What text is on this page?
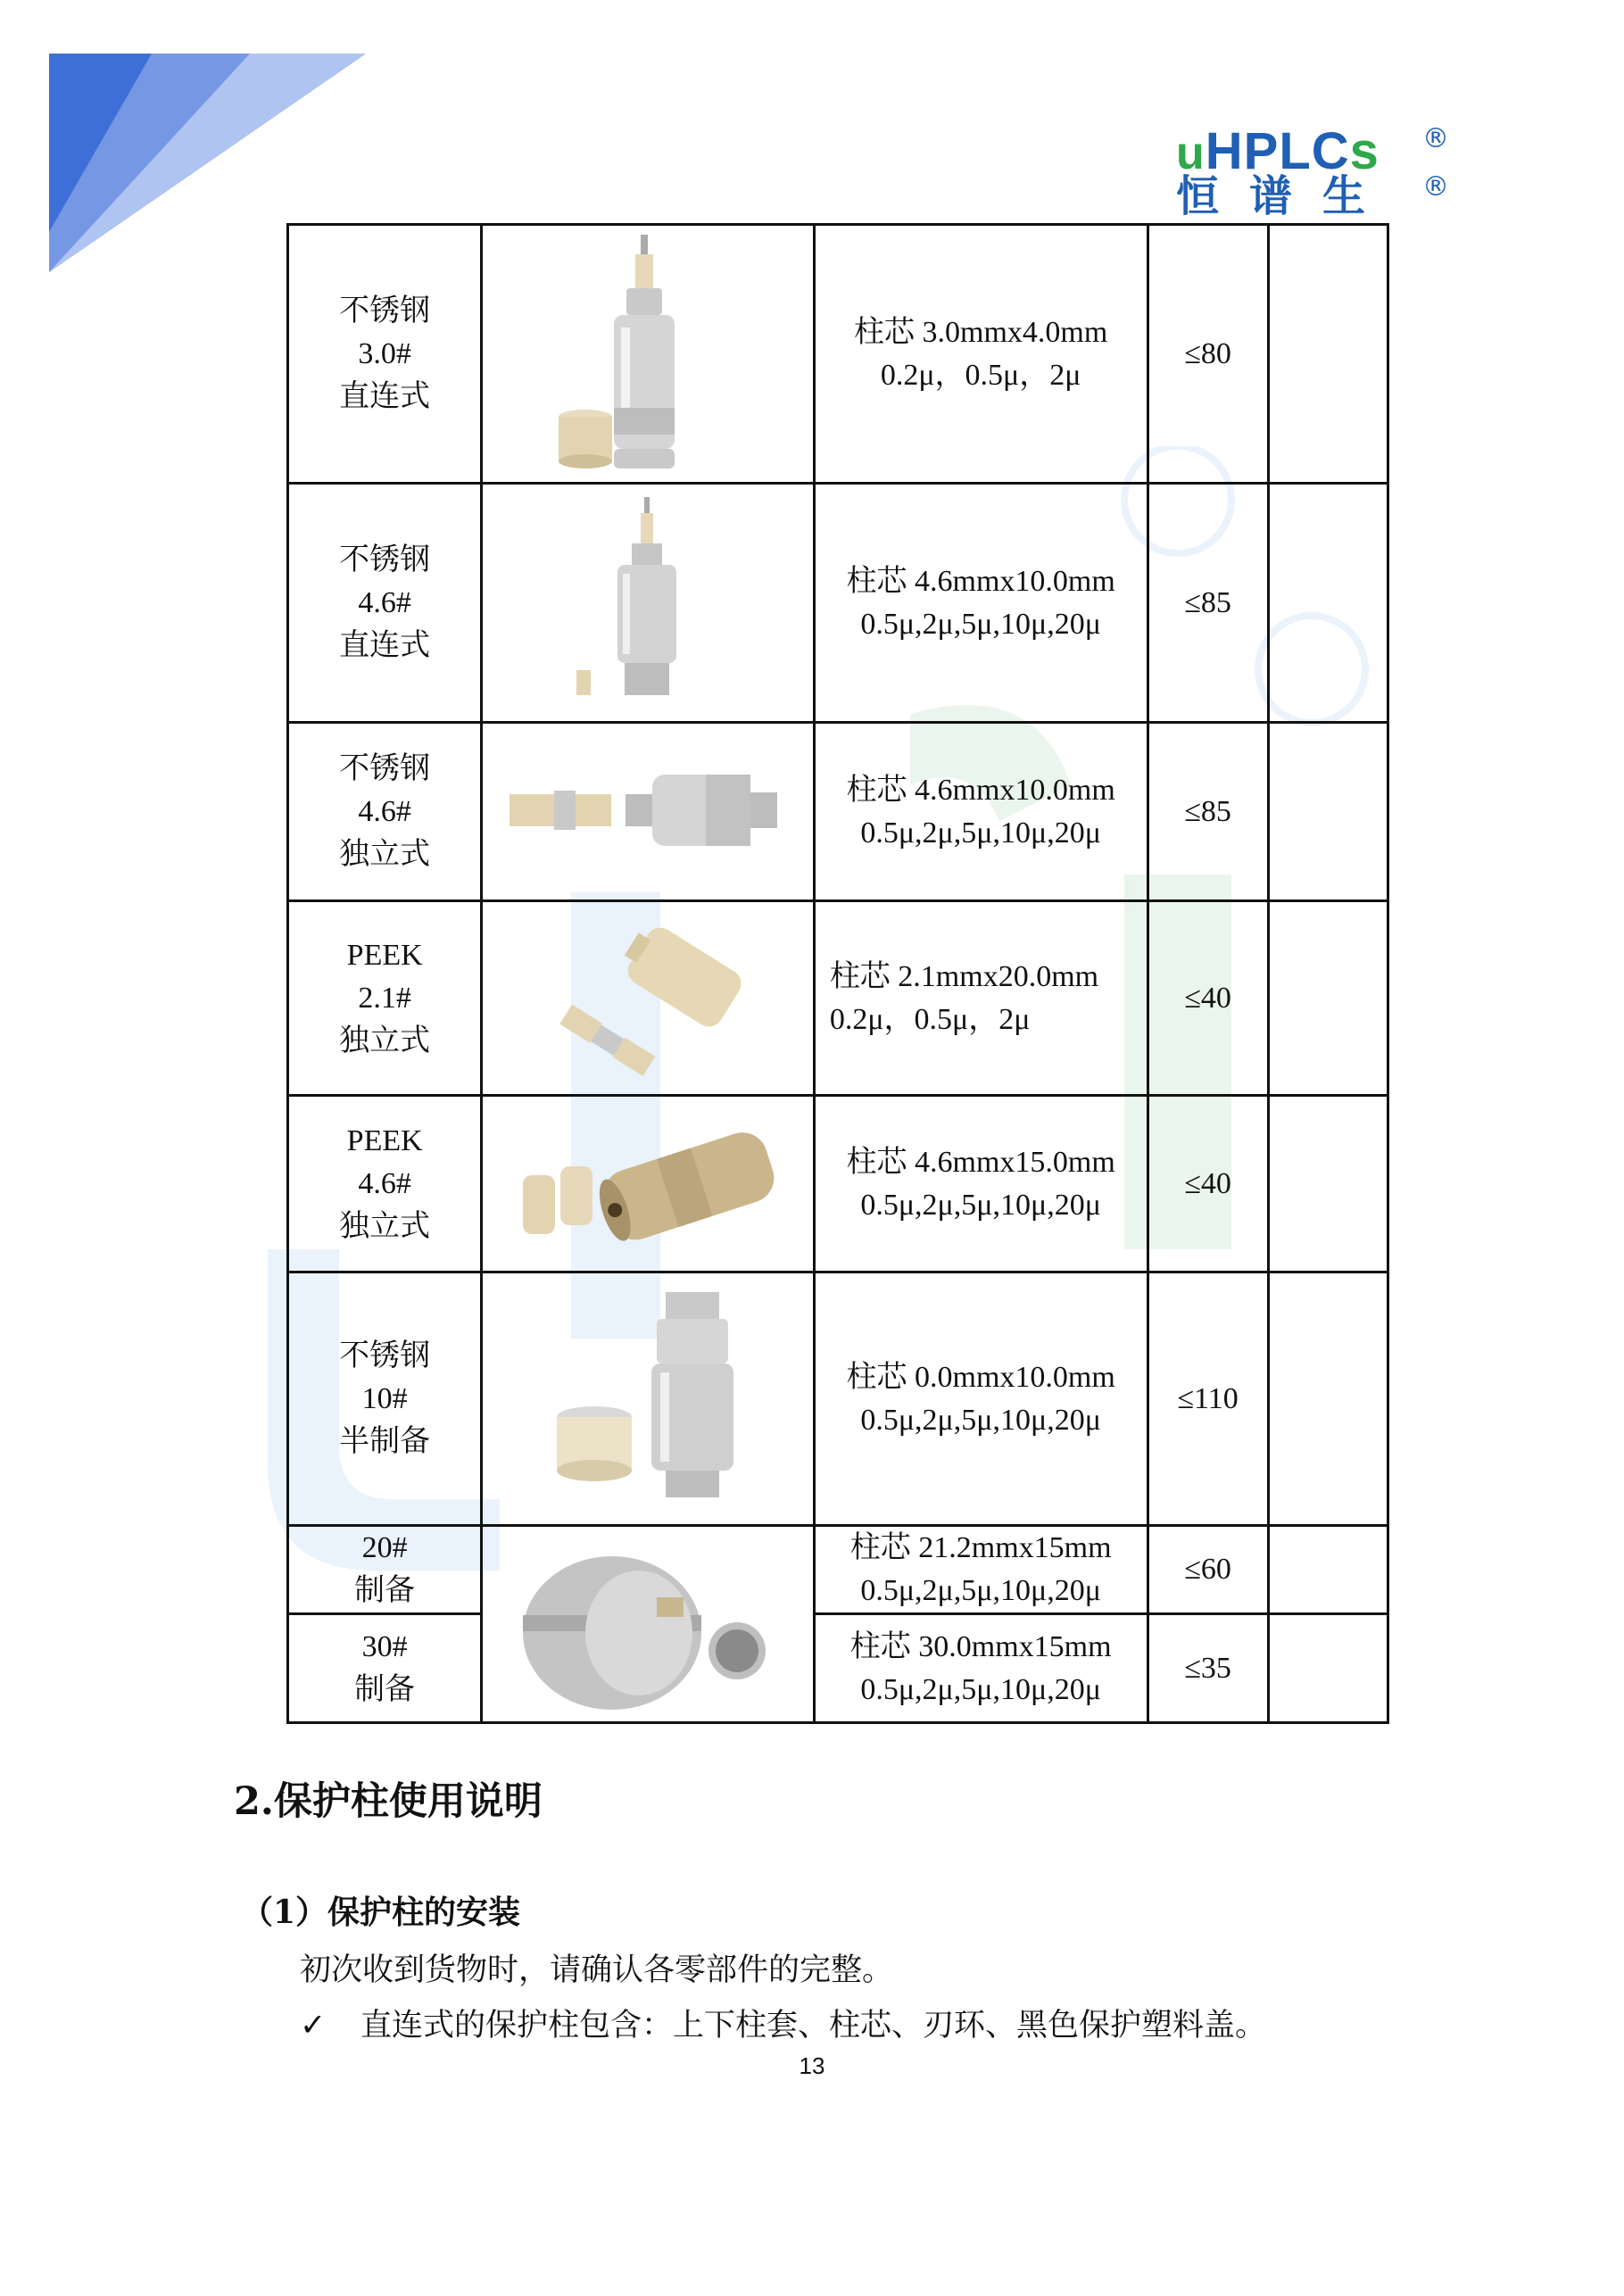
uHPLCs ®
恒谱生 ®
不锈钢
3.0#
直连式		柱芯 3.0mmx4.0mm
0.2μ，0.5μ，2μ	≤80	

不锈钢
4.6#
直连式		柱芯 4.6mmx10.0mm
0.5μ,2μ,5μ,10μ,20μ	≤85	

不锈钢
4.6#
独立式		柱芯 4.6mmx10.0mm
0.5μ,2μ,5μ,10μ,20μ	≤85	

PEEK
2.1#
独立式		柱芯 2.1mmx20.0mm
0.2μ，0.5μ，2μ	≤40	

PEEK
4.6#
独立式		柱芯 4.6mmx15.0mm
0.5μ,2μ,5μ,10μ,20μ	≤40	

不锈钢
10#
半制备		柱芯 0.0mmx10.0mm
0.5μ,2μ,5μ,10μ,20μ	≤110	

20#
制备		柱芯 21.2mmx15mm
0.5μ,2μ,5μ,10μ,20μ	≤60	

30#
制备		柱芯 30.0mmx15mm
0.5μ,2μ,5μ,10μ,20μ	≤35	
2.保护柱使用说明
（1）保护柱的安装
初次收到货物时，请确认各零部件的完整。
✓ 直连式的保护柱包含：上下柱套、柱芯、刃环、黑色保护塑料盖。
13
